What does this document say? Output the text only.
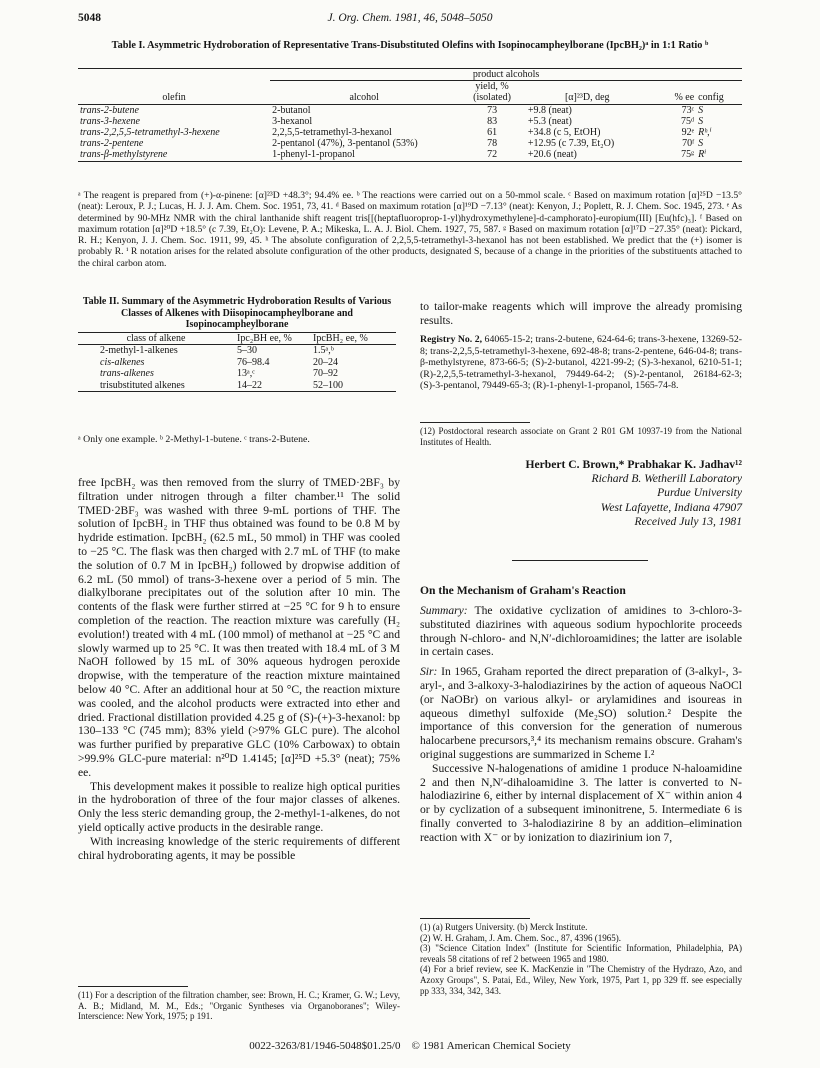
5048	J. Org. Chem. 1981, 46, 5048–5050
Table I. Asymmetric Hydroboration of Representative Trans-Disubstituted Olefins with Isopinocampheylborane (IpcBH₂)ᵃ in 1:1 Ratio ᵇ
	product alcohols				
olefin	alcohol	yield, % (isolated)	[α]²³D, deg	% ee	config
trans-2-butene	2-butanol	73	+9.8 (neat)	73ᶜ	S
trans-3-hexene	3-hexanol	83	+5.3 (neat)	75ᵈ	S
trans-2,2,5,5-tetramethyl-3-hexene	2,2,5,5-tetramethyl-3-hexanol	61	+34.8 (c 5, EtOH)	92ᵉ	Rʰ,ⁱ
trans-2-pentene	2-pentanol (47%), 3-pentanol (53%)	78	+12.95 (c 7.39, Et₂O)	70ᶠ	S
trans-β-methylstyrene	1-phenyl-1-propanol	72	+20.6 (neat)	75ᵍ	Rⁱ
ᵃ The reagent is prepared from (+)-α-pinene: [α]²³D +48.3°; 94.4% ee. ᵇ The reactions were carried out on a 50-mmol scale. ᶜ Based on maximum rotation [α]²⁵D −13.5° (neat): Leroux, P. J.; Lucas, H. J. J. Am. Chem. Soc. 1951, 73, 41. ᵈ Based on maximum rotation [α]¹⁹D −7.13° (neat): Kenyon, J.; Poplett, R. J. Chem. Soc. 1945, 273. ᵉ As determined by 90-MHz NMR with the chiral lanthanide shift reagent tris[[(heptafluoroprop-1-yl)hydroxymethylene]-d-camphorato]-europium(III) [Eu(hfc)₃]. ᶠ Based on maximum rotation [α]²⁰D +18.5° (c 7.39, Et₂O): Levene, P. A.; Mikeska, L. A. J. Biol. Chem. 1927, 75, 587. ᵍ Based on maximum rotation [α]¹⁷D −27.35° (neat): Pickard, R. H.; Kenyon, J. J. Chem. Soc. 1911, 99, 45. ʰ The absolute configuration of 2,2,5,5-tetramethyl-3-hexanol has not been established. We predict that the (+) isomer is probably R. ⁱ R notation arises for the related absolute configuration of the other products, designated S, because of a change in the priorities of the substituents attached to the chiral carbon atom.
Table II. Summary of the Asymmetric Hydroboration Results of Various Classes of Alkenes with Diisopinocampheylborane and Isopinocampheylborane
class of alkene	Ipc₂BH ee, %	IpcBH₂ ee, %
2-methyl-1-alkenes	5–30	1.5ᵃ,ᵇ
cis-alkenes	76–98.4	20–24
trans-alkenes	13ᵃ,ᶜ	70–92
trisubstituted alkenes	14–22	52–100
ᵃ Only one example. ᵇ 2-Methyl-1-butene. ᶜ trans-2-Butene.

free IpcBH₂ was then removed from the slurry of TMED·2BF₃ by filtration under nitrogen through a filter chamber.¹¹ The solid TMED·2BF₃ was washed with three 9-mL portions of THF. The solution of IpcBH₂ in THF thus obtained was found to be 0.8 M by hydride estimation. IpcBH₂ (62.5 mL, 50 mmol) in THF was cooled to −25 °C. The flask was then charged with 2.7 mL of THF (to make the solution of 0.7 M in IpcBH₂) followed by dropwise addition of 6.2 mL (50 mmol) of trans-3-hexene over a period of 5 min. The dialkylborane precipitates out of the solution after 10 min. The contents of the flask were further stirred at −25 °C for 9 h to ensure completion of the reaction. The reaction mixture was carefully (H₂ evolution!) treated with 4 mL (100 mmol) of methanol at −25 °C and slowly warmed up to 25 °C. It was then treated with 18.4 mL of 3 M NaOH followed by 15 mL of 30% aqueous hydrogen peroxide dropwise, with the temperature of the reaction mixture maintained below 40 °C. After an additional hour at 50 °C, the reaction mixture was cooled, and the alcohol products were extracted into ether and dried. Fractional distillation provided 4.25 g of (S)-(+)-3-hexanol: bp 130–133 °C (745 mm); 83% yield (>97% GLC pure). The alcohol was further purified by preparative GLC (10% Carbowax) to obtain >99.9% GLC-pure material: n²⁰D 1.4145; [α]²⁵D +5.3° (neat); 75% ee.

This development makes it possible to realize high optical purities in the hydroboration of three of the four major classes of alkenes. Only the less steric demanding group, the 2-methyl-1-alkenes, do not yield optically active products in the desirable range.

With increasing knowledge of the steric requirements of different chiral hydroborating agents, it may be possible

(11) For a description of the filtration chamber, see: Brown, H. C.; Kramer, G. W.; Levy, A. B.; Midland, M. M., Eds.; "Organic Syntheses via Organoboranes"; Wiley-Interscience: New York, 1975; p 191.

to tailor-make reagents which will improve the already promising results.

Registry No. 2, 64065-15-2; trans-2-butene, 624-64-6; trans-3-hexene, 13269-52-8; trans-2,2,5,5-tetramethyl-3-hexene, 692-48-8; trans-2-pentene, 646-04-8; trans-β-methylstyrene, 873-66-5; (S)-2-butanol, 4221-99-2; (S)-3-hexanol, 6210-51-1; (R)-2,2,5,5-tetramethyl-3-hexanol, 79449-64-2; (S)-2-pentanol, 26184-62-3; (S)-3-pentanol, 79449-65-3; (R)-1-phenyl-1-propanol, 1565-74-8.
(12) Postdoctoral research associate on Grant 2 R01 GM 10937-19 from the National Institutes of Health.
Herbert C. Brown,* Prabhakar K. Jadhav¹²
Richard B. Wetherill Laboratory
Purdue University
West Lafayette, Indiana 47907
Received July 13, 1981
On the Mechanism of Graham's Reaction

Summary: The oxidative cyclization of amidines to 3-chloro-3-substituted diazirines with aqueous sodium hypochlorite proceeds through N-chloro- and N,N′-dichloroamidines; the latter are isolable in certain cases.

Sir: In 1965, Graham reported the direct preparation of (3-alkyl-, 3-aryl-, and 3-alkoxy-3-halodiazirines by the action of aqueous NaOCl (or NaOBr) on various alkyl- or arylamidines and isoureas in aqueous dimethyl sulfoxide (Me₂SO) solution.² Despite the importance of this conversion for the generation of numerous halocarbene precursors,³,⁴ its mechanism remains obscure. Graham's original suggestions are summarized in Scheme I.²

Successive N-halogenations of amidine 1 produce N-haloamidine 2 and then N,N′-dihaloamidine 3. The latter is converted to N-halodiazirine 6, either by internal displacement of X⁻ within anion 4 or by cyclization of a subsequent iminonitrene, 5. Intermediate 6 is finally converted to 3-halodiazirine 8 by an addition–elimination reaction with X⁻ or by ionization to diazirinium ion 7,

(1) (a) Rutgers University. (b) Merck Institute.
(2) W. H. Graham, J. Am. Chem. Soc., 87, 4396 (1965).
(3) "Science Citation Index" (Institute for Scientific Information, Philadelphia, PA) reveals 58 citations of ref 2 between 1965 and 1980.
(4) For a brief review, see K. MacKenzie in "The Chemistry of the Hydrazo, Azo, and Azoxy Groups", S. Patai, Ed., Wiley, New York, 1975, Part 1, pp 329 ff. see especially pp 333, 334, 342, 343.
0022-3263/81/1946-5048$01.25/0 © 1981 American Chemical Society
